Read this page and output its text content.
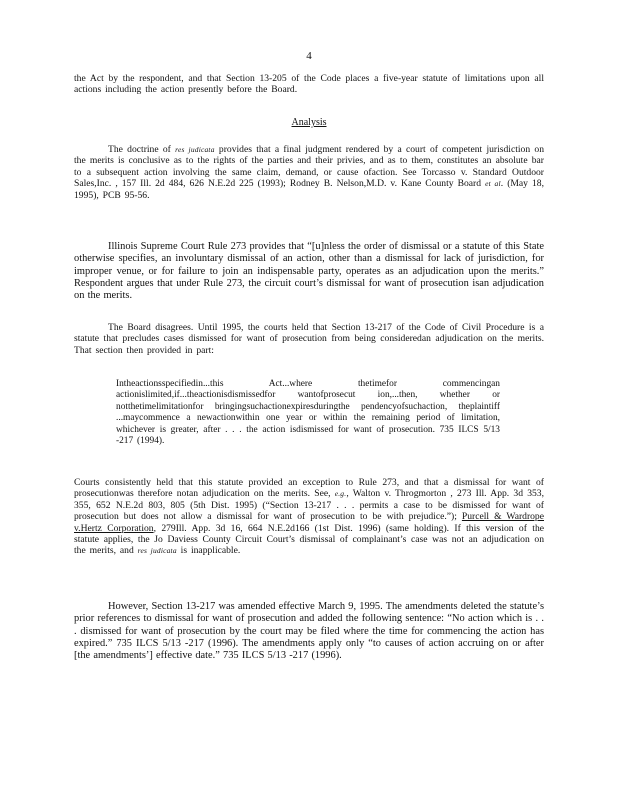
4
the Act by the respondent, and that Section 13-205 of the Code places a five-year statute of limitations upon all actions including the action presently before the Board.
Analysis
The doctrine of res judicata provides that a final judgment rendered by a court of competent jurisdiction on the merits is conclusive as to the rights of the parties and their privies, and as to them, constitutes an absolute bar to a subsequent action involving the same claim, demand, or cause ofaction. See Torcasso v. Standard Outdoor Sales,Inc. , 157 Ill. 2d 484, 626 N.E.2d 225 (1993); Rodney B. Nelson,M.D. v. Kane County Board et al. (May 18, 1995), PCB 95-56.
Illinois Supreme Court Rule 273 provides that “[u]nless the order of dismissal or a statute of this State otherwise specifies, an involuntary dismissal of an action, other than a dismissal for lack of jurisdiction, for improper venue, or for failure to join an indispensable party, operates as an adjudication upon the merits.” Respondent argues that under Rule 273, the circuit court’s dismissal for want of prosecution isan adjudication on the merits.
The Board disagrees. Until 1995, the courts held that Section 13-217 of the Code of Civil Procedure is a statute that precludes cases dismissed for want of prosecution from being consideredan adjudication on the merits. That section then provided in part:
Intheactionsspecifiedin...this Act...where thetimefor commencingan actionislimited,if...theactionisdismissedfor wantofprosecut ion,...then, whether or notthetimelimitationfor bringingsuchactionexpiresduringthe pendencyofsuchaction, theplaintiff ...maycommence a newactionwithin one year or within the remaining period of limitation, whichever is greater, after . . . the action isdismissed for want of prosecution. 735 ILCS 5/13 -217 (1994).
Courts consistently held that this statute provided an exception to Rule 273, and that a dismissal for want of prosecutionwas therefore notan adjudication on the merits. See, e.g., Walton v. Throgmorton , 273 Ill. App. 3d 353, 355, 652 N.E.2d 803, 805 (5th Dist. 1995) (“Section 13-217 . . . permits a case to be dismissed for want of prosecution but does not allow a dismissal for want of prosecution to be with prejudice.”); Purcell & Wardrope v.Hertz Corporation, 279Ill. App. 3d 16, 664 N.E.2d166 (1st Dist. 1996) (same holding). If this version of the statute applies, the Jo Daviess County Circuit Court’s dismissal of complainant’s case was not an adjudication on the merits, and res judicata is inapplicable.
However, Section 13-217 was amended effective March 9, 1995. The amendments deleted the statute’s prior references to dismissal for want of prosecution and added the following sentence: “No action which is . . . dismissed for want of prosecution by the court may be filed where the time for commencing the action has expired.” 735 ILCS 5/13 -217 (1996). The amendments apply only “to causes of action accruing on or after [the amendments’] effective date.” 735 ILCS 5/13 -217 (1996).
